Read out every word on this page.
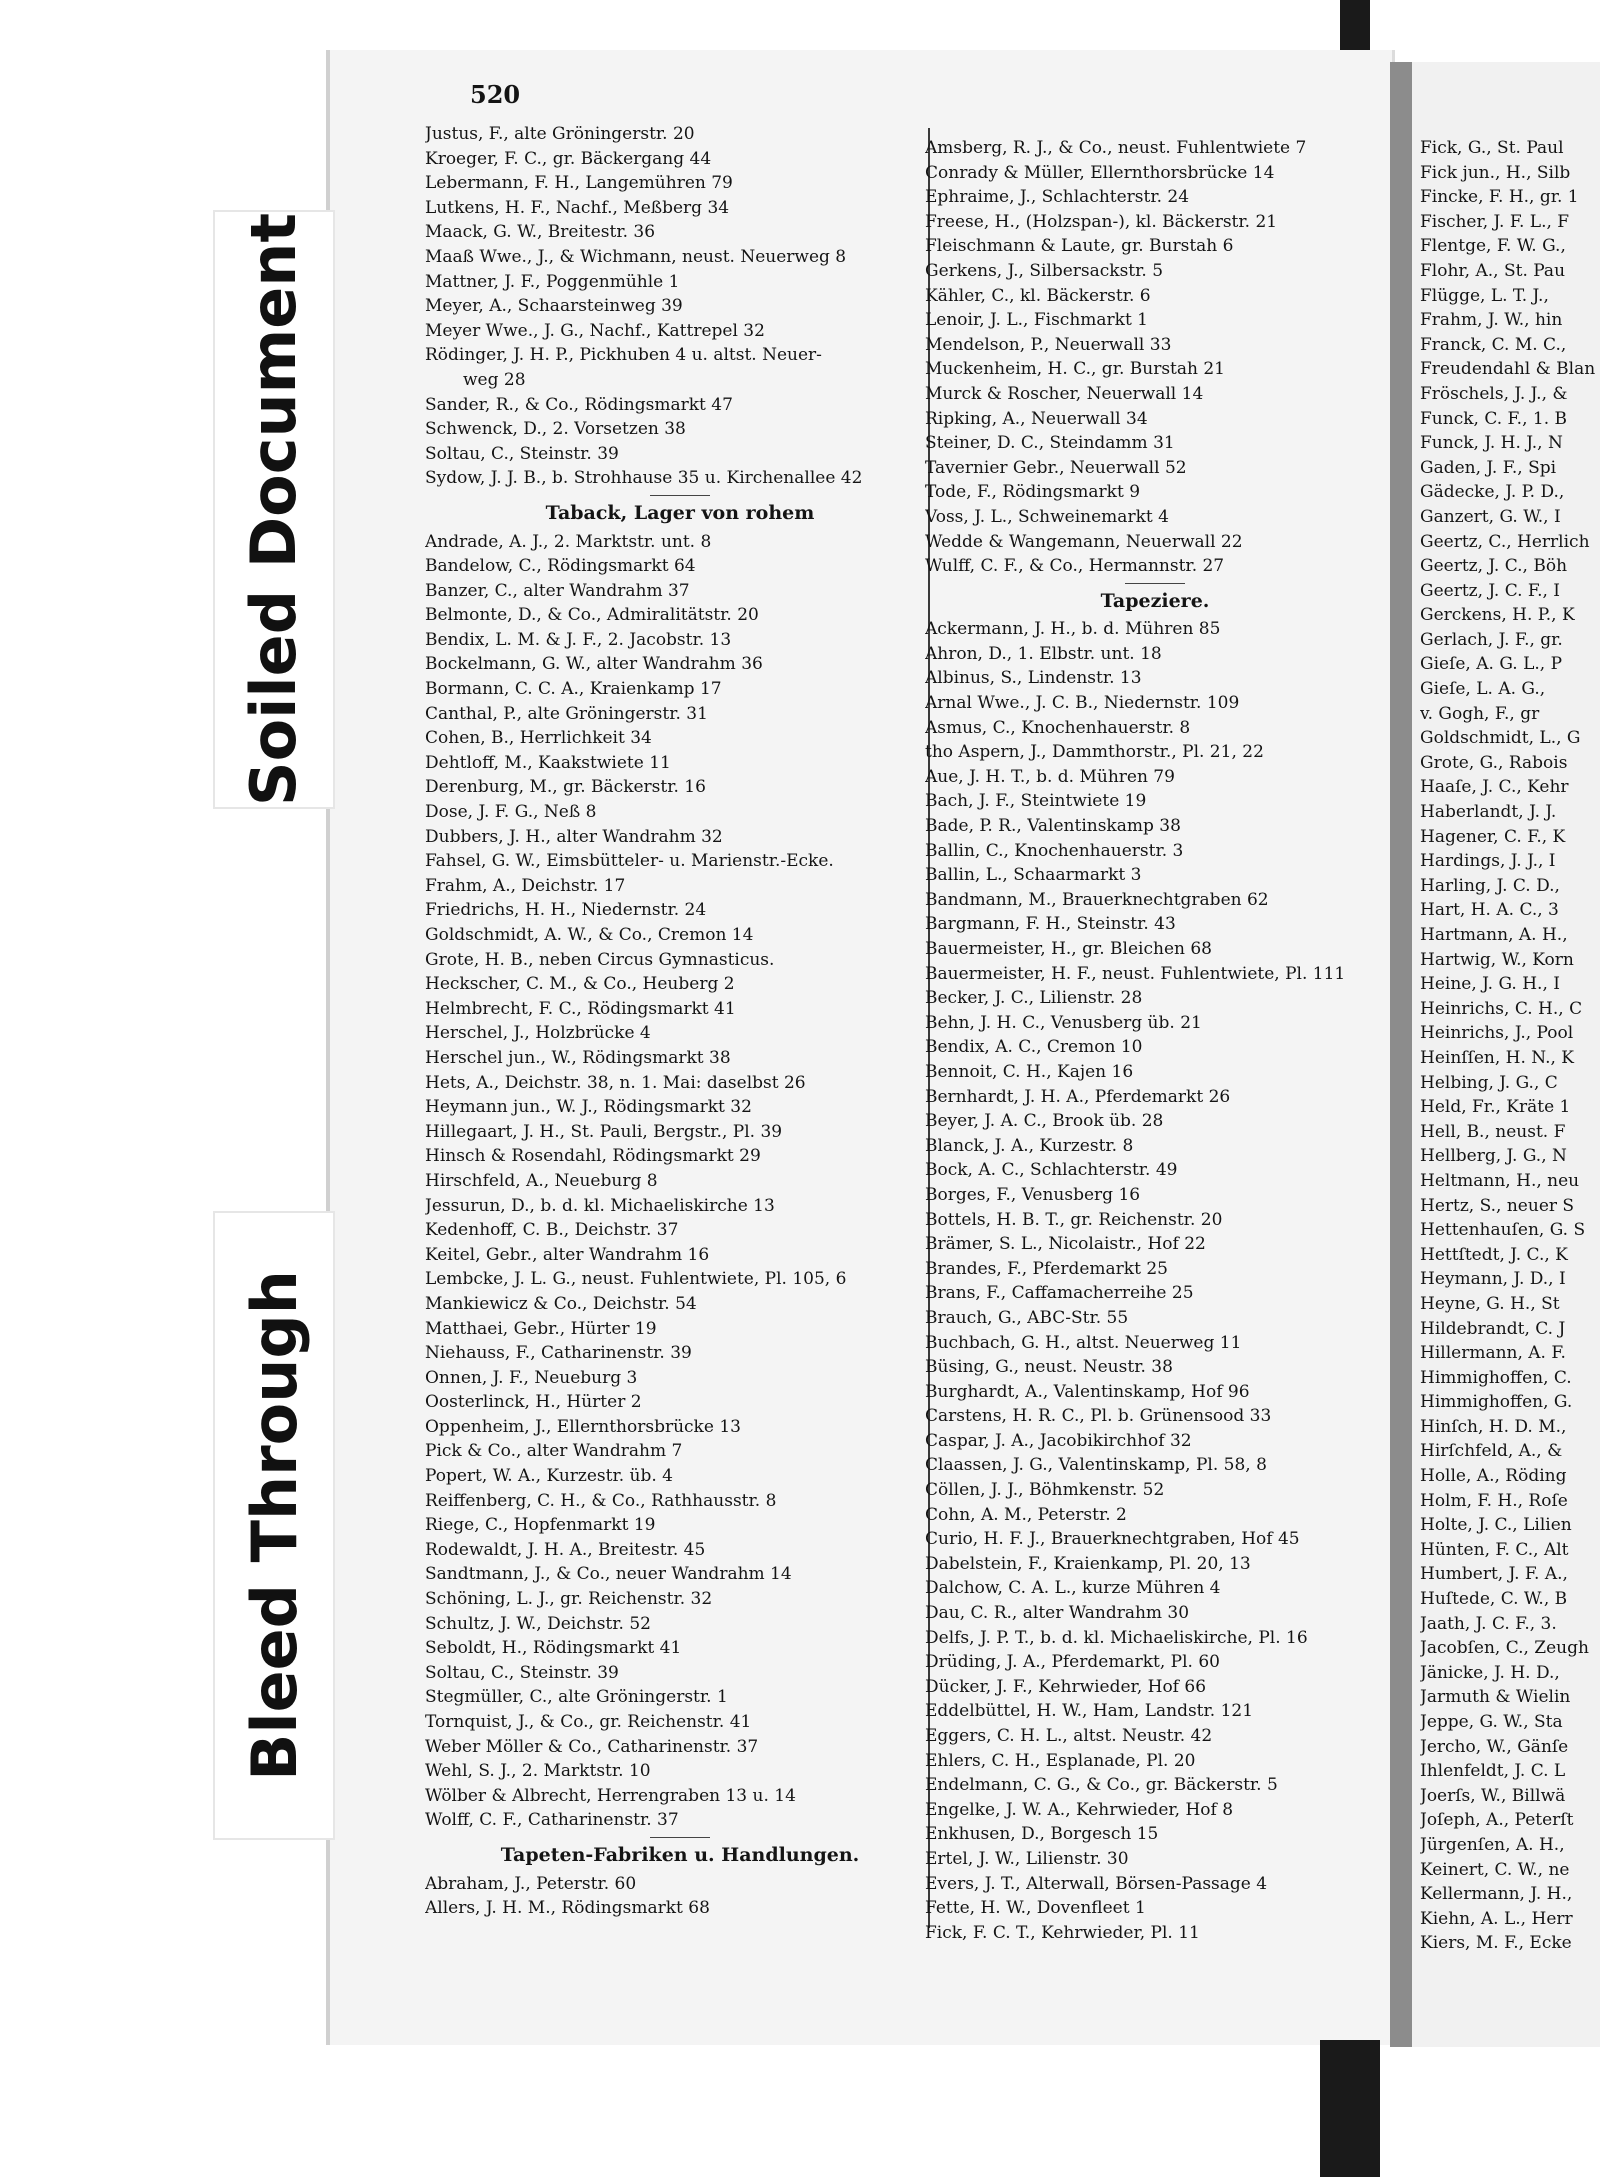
Soiled Document
Bleed Through
520
Justus, F., alte Gröningerstr. 20
Kroeger, F. C., gr. Bäckergang 44
Lebermann, F. H., Langemühren 79
Lutkens, H. F., Nachf., Meßberg 34
Maack, G. W., Breitestr. 36
Maaß Wwe., J., & Wichmann, neust. Neuerweg 8
Mattner, J. F., Poggenmühle 1
Meyer, A., Schaarsteinweg 39
Meyer Wwe., J. G., Nachf., Kattrepel 32
Rödinger, J. H. P., Pickhuben 4 u. altst. Neuer-
weg 28
Sander, R., & Co., Rödingsmarkt 47
Schwenck, D., 2. Vorsetzen 38
Soltau, C., Steinstr. 39
Sydow, J. J. B., b. Strohhause 35 u. Kirchenallee 42
Taback, Lager von rohem
Andrade, A. J., 2. Marktstr. unt. 8
Bandelow, C., Rödingsmarkt 64
Banzer, C., alter Wandrahm 37
Belmonte, D., & Co., Admiralitätstr. 20
Bendix, L. M. & J. F., 2. Jacobstr. 13
Bockelmann, G. W., alter Wandrahm 36
Bormann, C. C. A., Kraienkamp 17
Canthal, P., alte Gröningerstr. 31
Cohen, B., Herrlichkeit 34
Dehtloff, M., Kaakstwiete 11
Derenburg, M., gr. Bäckerstr. 16
Dose, J. F. G., Neß 8
Dubbers, J. H., alter Wandrahm 32
Fahsel, G. W., Eimsbütteler- u. Marienstr.-Ecke.
Frahm, A., Deichstr. 17
Friedrichs, H. H., Niedernstr. 24
Goldschmidt, A. W., & Co., Cremon 14
Grote, H. B., neben Circus Gymnasticus.
Heckscher, C. M., & Co., Heuberg 2
Helmbrecht, F. C., Rödingsmarkt 41
Herschel, J., Holzbrücke 4
Herschel jun., W., Rödingsmarkt 38
Hets, A., Deichstr. 38, n. 1. Mai: daselbst 26
Heymann jun., W. J., Rödingsmarkt 32
Hillegaart, J. H., St. Pauli, Bergstr., Pl. 39
Hinsch & Rosendahl, Rödingsmarkt 29
Hirschfeld, A., Neueburg 8
Jessurun, D., b. d. kl. Michaeliskirche 13
Kedenhoff, C. B., Deichstr. 37
Keitel, Gebr., alter Wandrahm 16
Lembcke, J. L. G., neust. Fuhlentwiete, Pl. 105, 6
Mankiewicz & Co., Deichstr. 54
Matthaei, Gebr., Hürter 19
Niehauss, F., Catharinenstr. 39
Onnen, J. F., Neueburg 3
Oosterlinck, H., Hürter 2
Oppenheim, J., Ellernthorsbrücke 13
Pick & Co., alter Wandrahm 7
Popert, W. A., Kurzestr. üb. 4
Reiffenberg, C. H., & Co., Rathhausstr. 8
Riege, C., Hopfenmarkt 19
Rodewaldt, J. H. A., Breitestr. 45
Sandtmann, J., & Co., neuer Wandrahm 14
Schöning, L. J., gr. Reichenstr. 32
Schultz, J. W., Deichstr. 52
Seboldt, H., Rödingsmarkt 41
Soltau, C., Steinstr. 39
Stegmüller, C., alte Gröningerstr. 1
Tornquist, J., & Co., gr. Reichenstr. 41
Weber Möller & Co., Catharinenstr. 37
Wehl, S. J., 2. Marktstr. 10
Wölber & Albrecht, Herrengraben 13 u. 14
Wolff, C. F., Catharinenstr. 37
Tapeten-Fabriken u. Handlungen.
Abraham, J., Peterstr. 60
Allers, J. H. M., Rödingsmarkt 68
Amsberg, R. J., & Co., neust. Fuhlentwiete 7
Conrady & Müller, Ellernthorsbrücke 14
Ephraime, J., Schlachterstr. 24
Freese, H., (Holzspan-), kl. Bäckerstr. 21
Fleischmann & Laute, gr. Burstah 6
Gerkens, J., Silbersackstr. 5
Kähler, C., kl. Bäckerstr. 6
Lenoir, J. L., Fischmarkt 1
Mendelson, P., Neuerwall 33
Muckenheim, H. C., gr. Burstah 21
Murck & Roscher, Neuerwall 14
Ripking, A., Neuerwall 34
Steiner, D. C., Steindamm 31
Tavernier Gebr., Neuerwall 52
Tode, F., Rödingsmarkt 9
Voss, J. L., Schweinemarkt 4
Wedde & Wangemann, Neuerwall 22
Wulff, C. F., & Co., Hermannstr. 27
Tapeziere.
Ackermann, J. H., b. d. Mühren 85
Ahron, D., 1. Elbstr. unt. 18
Albinus, S., Lindenstr. 13
Arnal Wwe., J. C. B., Niedernstr. 109
Asmus, C., Knochenhauerstr. 8
tho Aspern, J., Dammthorstr., Pl. 21, 22
Aue, J. H. T., b. d. Mühren 79
Bach, J. F., Steintwiete 19
Bade, P. R., Valentinskamp 38
Ballin, C., Knochenhauerstr. 3
Ballin, L., Schaarmarkt 3
Bandmann, M., Brauerknechtgraben 62
Bargmann, F. H., Steinstr. 43
Bauermeister, H., gr. Bleichen 68
Bauermeister, H. F., neust. Fuhlentwiete, Pl. 111
Becker, J. C., Lilienstr. 28
Behn, J. H. C., Venusberg üb. 21
Bendix, A. C., Cremon 10
Bennoit, C. H., Kajen 16
Bernhardt, J. H. A., Pferdemarkt 26
Beyer, J. A. C., Brook üb. 28
Blanck, J. A., Kurzestr. 8
Bock, A. C., Schlachterstr. 49
Borges, F., Venusberg 16
Bottels, H. B. T., gr. Reichenstr. 20
Brämer, S. L., Nicolaistr., Hof 22
Brandes, F., Pferdemarkt 25
Brans, F., Caffamacherreihe 25
Brauch, G., ABC-Str. 55
Buchbach, G. H., altst. Neuerweg 11
Büsing, G., neust. Neustr. 38
Burghardt, A., Valentinskamp, Hof 96
Carstens, H. R. C., Pl. b. Grünensood 33
Caspar, J. A., Jacobikirchhof 32
Claassen, J. G., Valentinskamp, Pl. 58, 8
Cöllen, J. J., Böhmkenstr. 52
Cohn, A. M., Peterstr. 2
Curio, H. F. J., Brauerknechtgraben, Hof 45
Dabelstein, F., Kraienkamp, Pl. 20, 13
Dalchow, C. A. L., kurze Mühren 4
Dau, C. R., alter Wandrahm 30
Delfs, J. P. T., b. d. kl. Michaeliskirche, Pl. 16
Drüding, J. A., Pferdemarkt, Pl. 60
Dücker, J. F., Kehrwieder, Hof 66
Eddelbüttel, H. W., Ham, Landstr. 121
Eggers, C. H. L., altst. Neustr. 42
Ehlers, C. H., Esplanade, Pl. 20
Endelmann, C. G., & Co., gr. Bäckerstr. 5
Engelke, J. W. A., Kehrwieder, Hof 8
Enkhusen, D., Borgesch 15
Ertel, J. W., Lilienstr. 30
Evers, J. T., Alterwall, Börsen-Passage 4
Fette, H. W., Dovenfleet 1
Fick, F. C. T., Kehrwieder, Pl. 11
Fick, G., St. Paul
Fick jun., H., Silb
Fincke, F. H., gr. 1
Fischer, J. F. L., F
Flentge, F. W. G.,
Flohr, A., St. Pau
Flügge, L. T. J.,
Frahm, J. W., hin
Franck, C. M. C.,
Freudendahl & Blan
Fröschels, J. J., &
Funck, C. F., 1. B
Funck, J. H. J., N
Gaden, J. F., Spi
Gädecke, J. P. D.,
Ganzert, G. W., I
Geertz, C., Herrlich
Geertz, J. C., Böh
Geertz, J. C. F., I
Gerckens, H. P., K
Gerlach, J. F., gr.
Gieſe, A. G. L., P
Gieſe, L. A. G.,
v. Gogh, F., gr
Goldschmidt, L., G
Grote, G., Rabois
Haaſe, J. C., Kehr
Haberlandt, J. J.
Hagener, C. F., K
Hardings, J. J., I
Harling, J. C. D.,
Hart, H. A. C., 3
Hartmann, A. H.,
Hartwig, W., Korn
Heine, J. G. H., I
Heinrichs, C. H., C
Heinrichs, J., Pool
Heinſſen, H. N., K
Helbing, J. G., C
Held, Fr., Kräte 1
Hell, B., neust. F
Hellberg, J. G., N
Heltmann, H., neu
Hertz, S., neuer S
Hettenhauſen, G. S
Hettſtedt, J. C., K
Heymann, J. D., I
Heyne, G. H., St
Hildebrandt, C. J
Hillermann, A. F.
Himmighoffen, C.
Himmighoffen, G.
Hinſch, H. D. M.,
Hirſchfeld, A., &
Holle, A., Röding
Holm, F. H., Roſe
Holte, J. C., Lilien
Hünten, F. C., Alt
Humbert, J. F. A.,
Huſtede, C. W., B
Jaath, J. C. F., 3.
Jacobſen, C., Zeugh
Jänicke, J. H. D.,
Jarmuth & Wielin
Jeppe, G. W., Sta
Jercho, W., Gänſe
Ihlenfeldt, J. C. L
Joerſs, W., Billwä
Joſeph, A., Peterſt
Jürgenſen, A. H.,
Keinert, C. W., ne
Kellermann, J. H.,
Kiehn, A. L., Herr
Kiers, M. F., Ecke
